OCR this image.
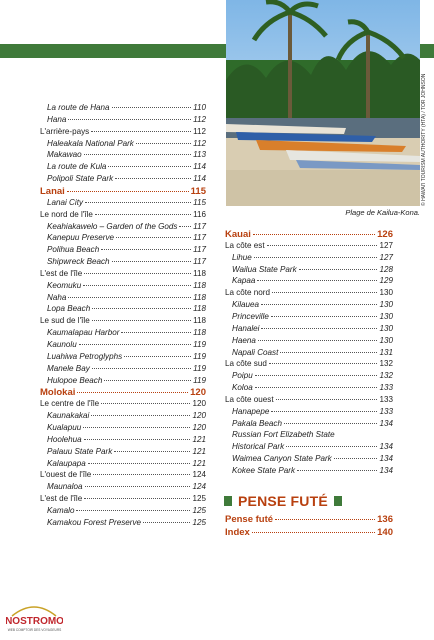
© HAWAI'I TOURISM AUTHORITY (HTA) / TOR JOHNSON
Plage de Kailua-Kona.
La route de Hana	110
Hana	112
L'arrière-pays	112
Haleakala National Park	112
Makawao	113
La route de Kula	114
Polipoli State Park	114
Lanai	115
Lanai City	115
Le nord de l'île	116
Keahiakawelo – Garden of the Gods 117
Kanepuu Preserve	117
Polihua Beach	117
Shipwreck Beach	117
L'est de l'île	118
Keomuku	118
Naha	118
Lopa Beach	118
Le sud de l'île	118
Kaumalapau Harbor	118
Kaunolu	119
Luahiwa Petroglyphs	119
Manele Bay	119
Hulopoe Beach	119
Molokai	120
Le centre de l'île	120
Kaunakakai	120
Kualapuu	120
Hoolehua	121
Palauu State Park	121
Kalaupapa	121
L'ouest de l'île	124
Maunaloa	124
L'est de l'île	125
Kamalo	125
Kamakou Forest Preserve	125
Kauai	126
La côte est	127
Lihue	127
Wailua State Park	128
Kapaa	129
La côte nord	130
Kilauea	130
Princeville	130
Hanalei	130
Haena	130
Napali Coast	131
La côte sud	132
Poipu	132
Koloa	133
La côte ouest	133
Hanapepe	133
Pakala Beach	134
Russian Fort Elizabeth State
Historical Park	134
Waimea Canyon State Park	134
Kokee State Park	134
PENSE FUTÉ
Pense futé	136
Index	140
NOSTROMO
WEB COMPTOIR DES VOYAGEURS
